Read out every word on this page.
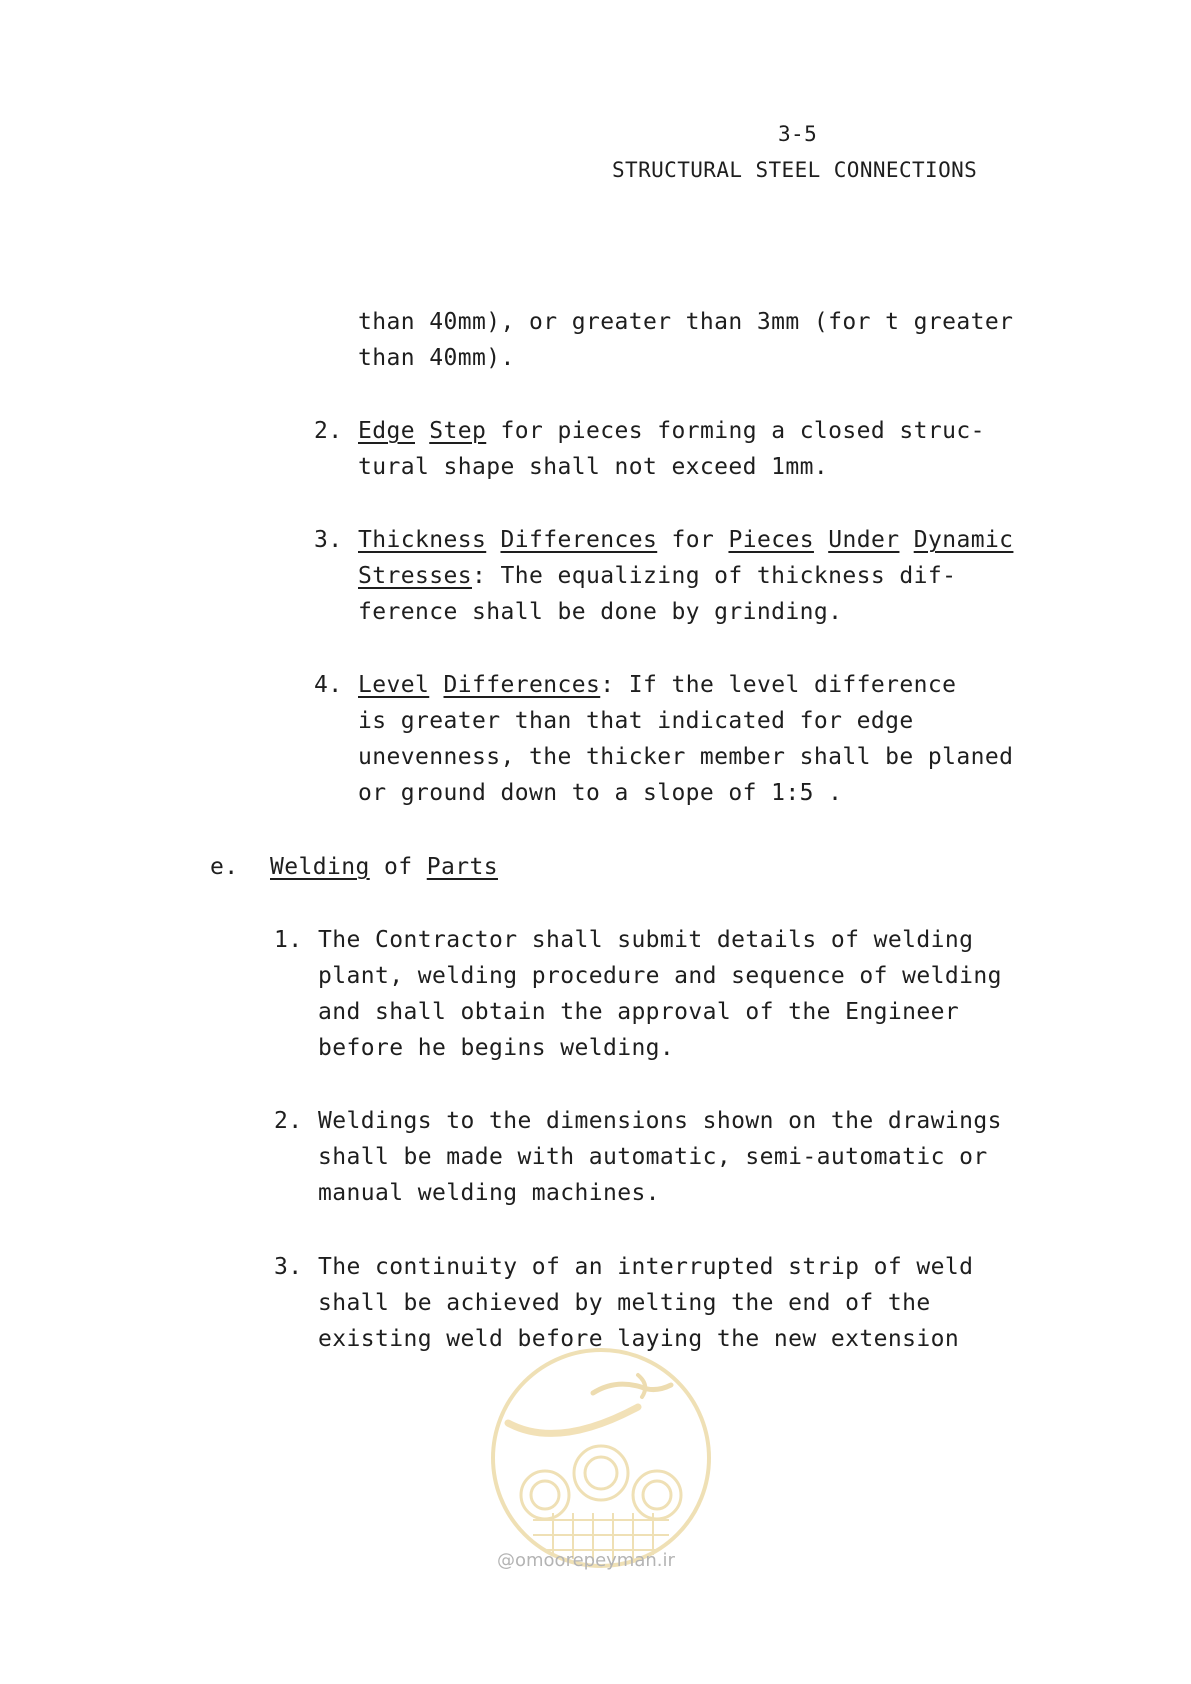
3-5
STRUCTURAL STEEL CONNECTIONS
than 40mm), or greater than 3mm (for t greater
than 40mm).
2. Edge Step for pieces forming a closed struc-
tural shape shall not exceed 1mm.
3. Thickness Differences for Pieces Under Dynamic
Stresses: The equalizing of thickness dif-
ference shall be done by grinding.
4. Level Differences: If the level difference
is greater than that indicated for edge
unevenness, the thicker member shall be planed
or ground down to a slope of 1:5 .
e. Welding of Parts
1. The Contractor shall submit details of welding
plant, welding procedure and sequence of welding
and shall obtain the approval of the Engineer
before he begins welding.
2. Weldings to the dimensions shown on the drawings
shall be made with automatic, semi-automatic or
manual welding machines.
3. The continuity of an interrupted strip of weld
shall be achieved by melting the end of the
existing weld before laying the new extension
@omoorepeyman.ir
